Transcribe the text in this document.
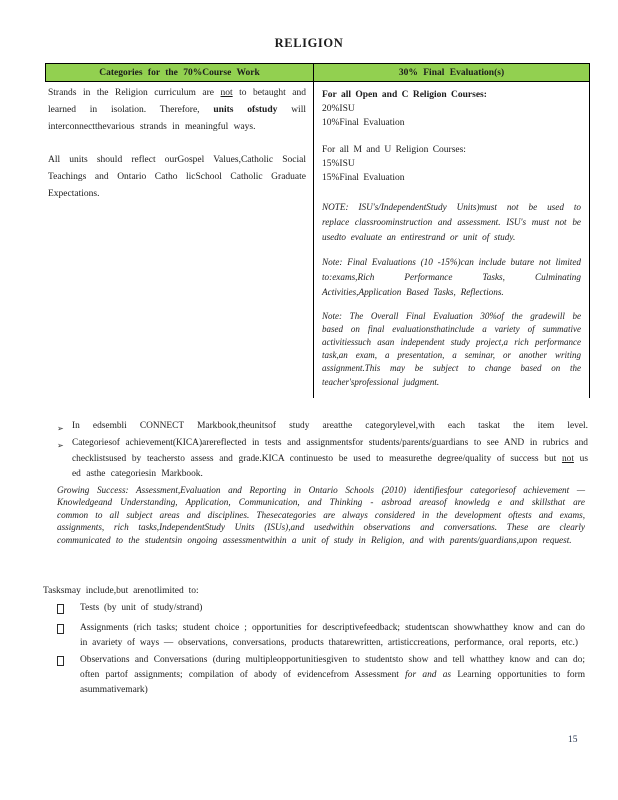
RELIGION
Categories for the 70%Course Work	30% Final Evaluation(s)

Strands in the Religion curriculum are not to betaught and learned in isolation. Therefore, units ofstudy will interconnectthevarious strands in meaningful ways.

All units should reflect ourGospel Values,Catholic Social Teachings and Ontario Catho licSchool Catholic Graduate Expectations.

For all Open and C Religion Courses:

20%ISU

10%Final Evaluation

For all M and U Religion Courses:

15%ISU

15%Final Evaluation

NOTE: ISU's/IndependentStudy Units)must not be used to replace classroominstruction and assessment. ISU's must not be usedto evaluate an entirestrand or unit of study.

Note: Final Evaluations (10 -15%)can include butare not limited to:exams,Rich Performance Tasks, Culminating Activities,Application Based Tasks, Reflections.

Note: The Overall Final Evaluation 30%of the gradewill be based on final evaluationsthatinclude a variety of summative activitiessuch asan independent study project,a rich performance task,an exam, a presentation, a seminar, or another writing assignment.This may be subject to change based on the teacher'sprofessional judgment.

➢ In edsembli CONNECT Markbook,theunitsof study areatthe categorylevel,with each taskat the item level.

➢ Categoriesof achievement(KICA)arereflected in tests and assignmentsfor students/parents/guardians to see AND in rubrics and checklistsused by teachersto assess and grade.KICA continuesto be used to measurethe degree/quality of success but not us ed asthe categoriesin Markbook.

Growing Success: Assessment,Evaluation and Reporting in Ontario Schools (2010) identifiesfour categoriesof achievement —Knowledgeand Understanding, Application, Communication, and Thinking - asbroad areasof knowledg e and skillsthat are common to all subject areas and disciplines. Thesecategories are always considered in the development oftests and exams, assignments, rich tasks,IndependentStudy Units (ISUs),and usedwithin observations and conversations. These are clearly communicated to the studentsin ongoing assessmentwithin a unit of study in Religion, and with parents/guardians,upon request.

Tasksmay include,but arenotlimited to:

Tests (by unit of study/strand)

Assignments (rich tasks; student choice ; opportunities for descriptivefeedback; studentscan showwhatthey know and can do in avariety of ways — observations, conversations, products thatarewritten, artisticcreations, performance, oral reports, etc.)

Observations and Conversations (during multipleopportunitiesgiven to studentsto show and tell whatthey know and can do; often partof assignments; compilation of abody of evidencefrom Assessment for and as Learning opportunities to form asummativemark)

15
